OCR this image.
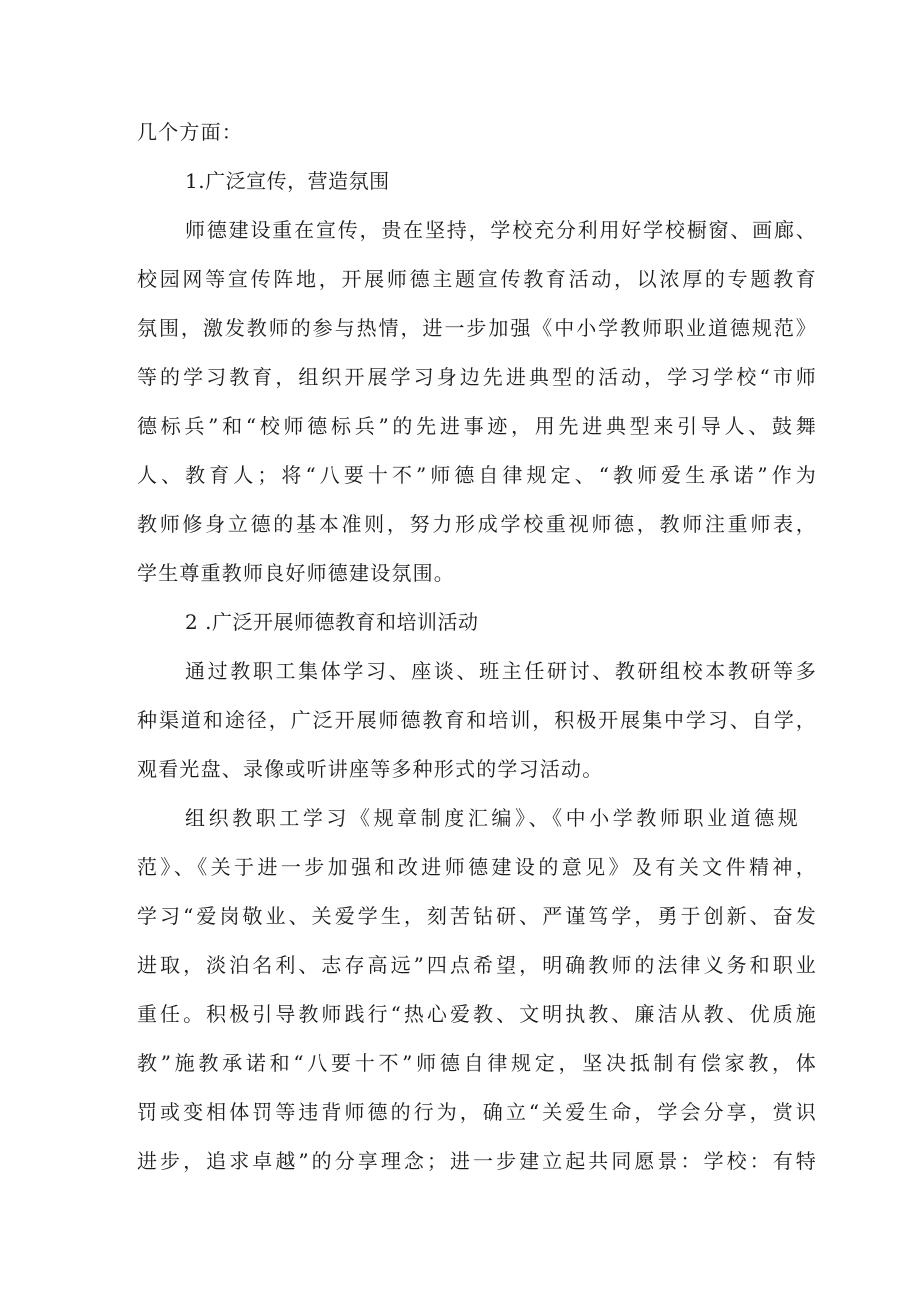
几个方面：
1.广泛宣传，营造氛围
师德建设重在宣传，贵在坚持，学校充分利用好学校橱窗、画廊、
校园网等宣传阵地，开展师德主题宣传教育活动，以浓厚的专题教育
氛围，激发教师的参与热情，进一步加强《中小学教师职业道德规范》
等的学习教育，组织开展学习身边先进典型的活动，学习学校“市师
德标兵”和“校师德标兵”的先进事迹，用先进典型来引导人、鼓舞
人、教育人；将“八要十不”师德自律规定、“教师爱生承诺”作为
教师修身立德的基本准则，努力形成学校重视师德，教师注重师表，
学生尊重教师良好师德建设氛围。
2 .广泛开展师德教育和培训活动
通过教职工集体学习、座谈、班主任研讨、教研组校本教研等多
种渠道和途径，广泛开展师德教育和培训，积极开展集中学习、自学，
观看光盘、录像或听讲座等多种形式的学习活动。
组织教职工学习《规章制度汇编》、《中小学教师职业道德规
范》、《关于进一步加强和改进师德建设的意见》及有关文件精神，
学习“爱岗敬业、关爱学生，刻苦钻研、严谨笃学，勇于创新、奋发
进取，淡泊名利、志存高远”四点希望，明确教师的法律义务和职业
重任。积极引导教师践行“热心爱教、文明执教、廉洁从教、优质施
教”施教承诺和“八要十不”师德自律规定，坚决抵制有偿家教，体
罚或变相体罚等违背师德的行为，确立“关爱生命，学会分享，赏识
进步，追求卓越”的分享理念；进一步建立起共同愿景：学校：有特
